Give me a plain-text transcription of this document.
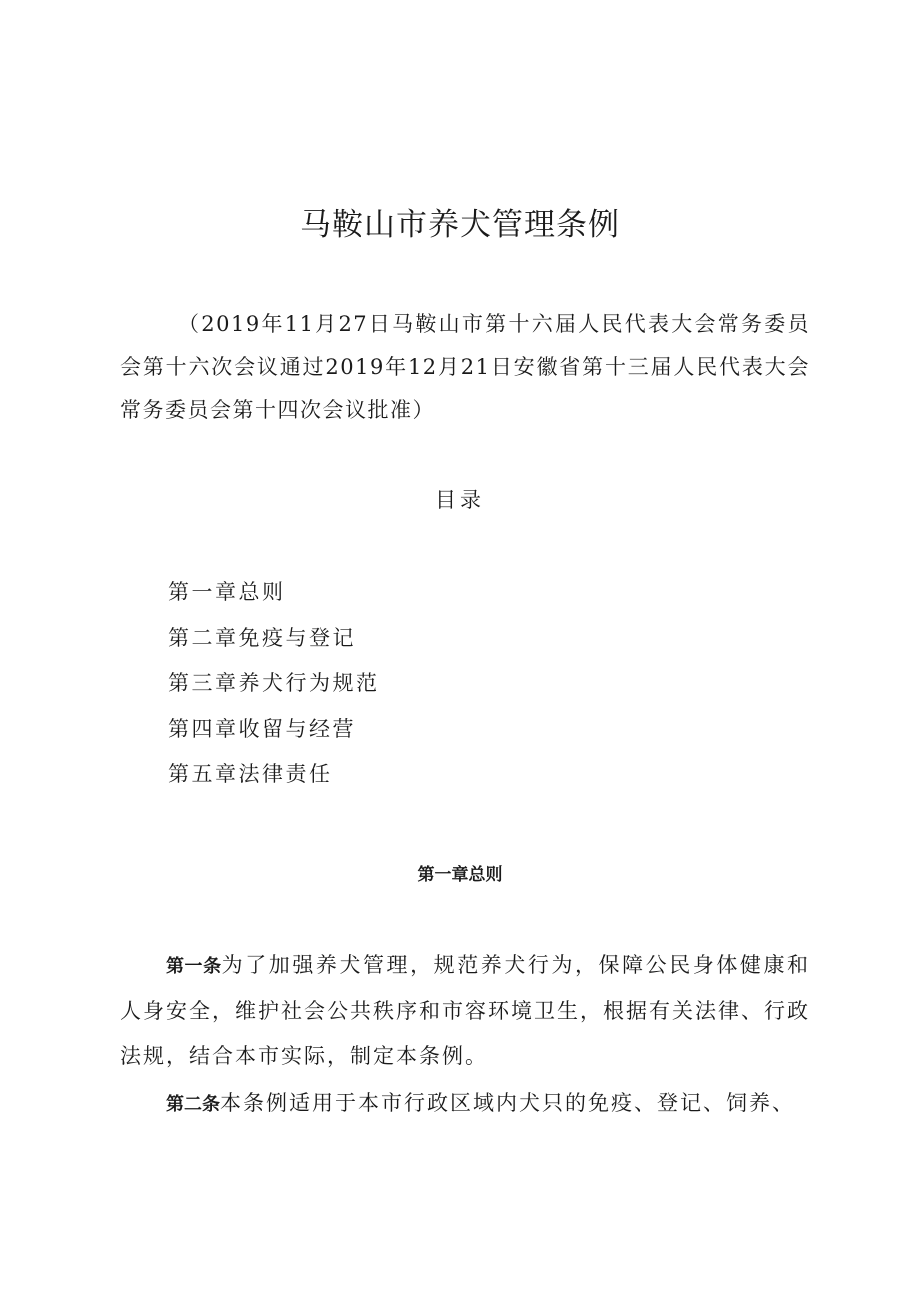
马鞍山市养犬管理条例

（2019年11月27日马鞍山市第十六届人民代表大会常务委员会第十六次会议通过2019年12月21日安徽省第十三届人民代表大会常务委员会第十四次会议批准）

目录
第一章总则
第二章免疫与登记
第三章养犬行为规范
第四章收留与经营
第五章法律责任
第一章总则

第一条为了加强养犬管理，规范养犬行为，保障公民身体健康和人身安全，维护社会公共秩序和市容环境卫生，根据有关法律、行政法规，结合本市实际，制定本条例。

第二条本条例适用于本市行政区域内犬只的免疫、登记、饲养、
